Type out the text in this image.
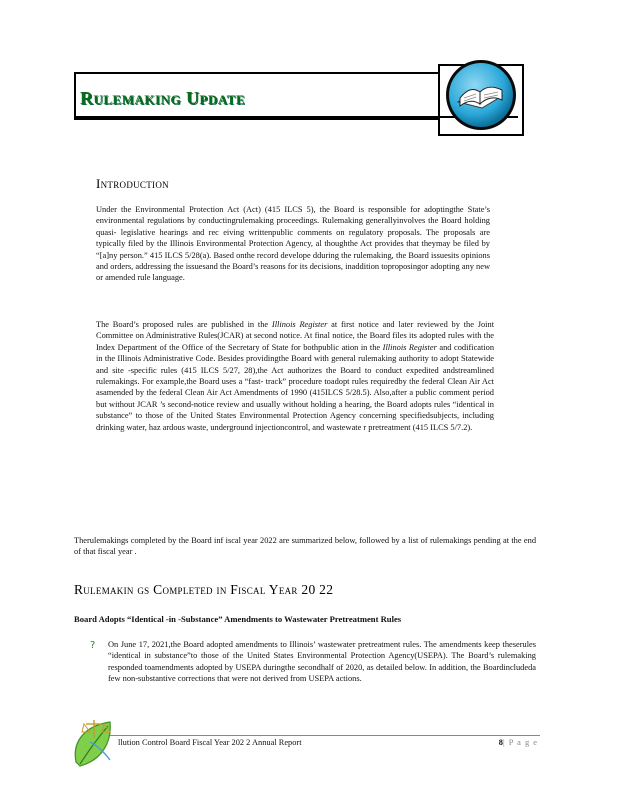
Rulemaking Update
Introduction

Under the Environmental Protection Act (Act) (415 ILCS 5), the Board is responsible for adoptingthe State’s environmental regulations by conductingrulemaking proceedings. Rulemaking generallyinvolves the Board holding quasi- legislative hearings and rec eiving writtenpublic comments on regulatory proposals. The proposals are typically filed by the Illinois Environmental Protection Agency, al thoughthe Act provides that theymay be filed by “[a]ny person.” 415 ILCS 5/28(a). Based onthe record develope dduring the rulemaking, the Board issuesits opinions and orders, addressing the issuesand the Board’s reasons for its decisions, inaddition toproposingor adopting any new or amended rule language.

The Board’s proposed rules are published in the Illinois Register at first notice and later reviewed by the Joint Committee on Administrative Rules(JCAR) at second notice. At final notice, the Board files its adopted rules with the Index Department of the Office of the Secretary of State for bothpublic ation in the Illinois Register and codification in the Illinois Administrative Code. Besides providingthe Board with general rulemaking authority to adopt Statewide and site -specific rules (415 ILCS 5/27, 28),the Act authorizes the Board to conduct expedited andstreamlined rulemakings. For example,the Board uses a “fast- track” procedure toadopt rules requiredby the federal Clean Air Act asamended by the federal Clean Air Act Amendments of 1990 (415ILCS 5/28.5). Also,after a public comment period but without JCAR ’s second-notice review and usually without holding a hearing, the Board adopts rules “identical in substance” to those of the United States Environmental Protection Agency concerning specifiedsubjects, including drinking water, haz ardous waste, underground injectioncontrol, and wastewate r pretreatment (415 ILCS 5/7.2).

Therulemakings completed by the Board inf iscal year 2022 are summarized below, followed by a list of rulemakings pending at the end of that fiscal year .

Rulemakin gs Completed in Fiscal Year 20 22
Board Adopts “Identical -in -Substance” Amendments to Wastewater Pretreatment Rules
? On June 17, 2021,the Board adopted amendments to Illinois’ wastewater pretreatment rules. The amendments keep theserules “identical in substance”to those of the United States Environmental Protection Agency(USEPA). The Board’s rulemaking responded toamendments adopted by USEPA duringthe secondhalf of 2020, as detailed below. In addition, the Boardincludeda few non-substantive corrections that were not derived from USEPA actions.

llution Control Board Fiscal Year 202 2 Annual Report	8| P a g e
